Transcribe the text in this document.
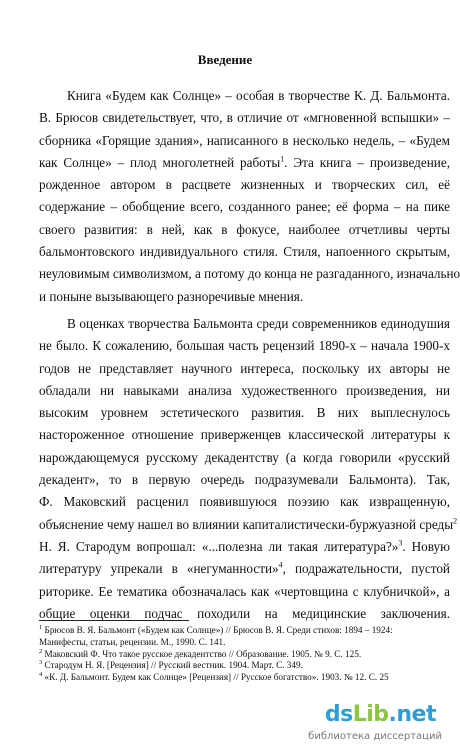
Введение
Книга «Будем как Солнце» – особая в творчестве К. Д. Бальмонта.
В. Брюсов свидетельствует, что, в отличие от «мгновенной вспышки» –
сборника «Горящие здания», написанного в несколько недель, – «Будем
как Солнце» – плод многолетней работы$^1$. Эта книга – произведение,
рожденное автором в расцвете жизненных и творческих сил, её
содержание – обобщение всего, созданного ранее; её форма – на пике
своего развития: в ней, как в фокусе, наиболее отчетливы черты
бальмонтовского индивидуального стиля. Стиля, напоенного скрытым,
неуловимым символизмом, а потому до конца не разгаданного, изначально
и поныне вызывающего разноречивые мнения.
В оценках творчества Бальмонта среди современников единодушия
не было. К сожалению, большая часть рецензий 1890-х – начала 1900-х
годов не представляет научного интереса, поскольку их авторы не
обладали ни навыками анализа художественного произведения, ни
высоким уровнем эстетического развития. В них выплеснулось
настороженное отношение приверженцев классической литературы к
нарождающемуся русскому декадентству (а когда говорили «русский
декадент», то в первую очередь подразумевали Бальмонта). Так,
Ф. Маковский расценил появившуюся поэзию как извращенную,
объяснение чему нашел во влиянии капиталистически-буржуазной среды$^2$
Н. Я. Стародум вопрошал: «...полезна ли такая литература?»$^3$. Новую
литературу упрекали в «негуманности»$^4$, подражательности, пустой
риторике. Ее тематика обозначалась как «чертовщина с клубничкой», а
общие оценки подчас походили на медицинские заключения.
$^1$ Брюсов В. Я. Бальмонт («Будем как Солнце») // Брюсов В. Я. Среди стихов: 1894 – 1924:
Манифесты, статьи, рецензии. М., 1990. С. 141.
$^2$ Маковский Ф. Что такое русское декадентство // Образование. 1905. № 9. С. 125.
$^3$ Стародум Н. Я. [Рецензия] // Русский вестник. 1904. Март. С. 349.
$^4$ «К. Д. Бальмонт. Будем как Солнце» [Рецензия] // Русское богатство». 1903. № 12. С. 25
dsLib.net
библиотека диссертаций
